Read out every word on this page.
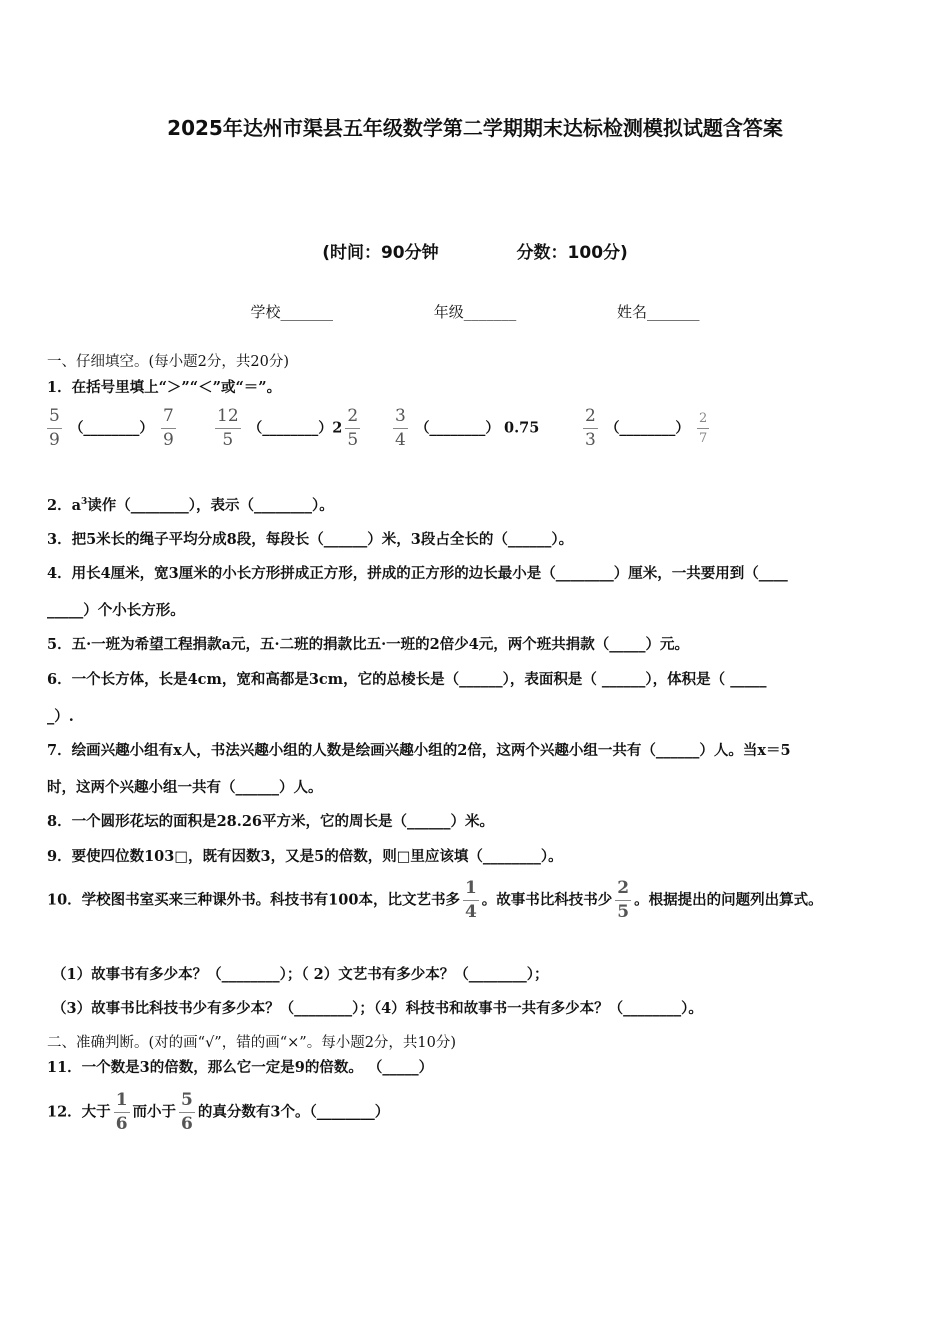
2025年达州市渠县五年级数学第二学期期末达标检测模拟试题含答案
(时间：90分钟	分数：100分)
学校_______	年级_______	姓名_______
一、仔细填空。(每小题2分，共20分)
1．在括号里填上“＞”“＜”或“＝”。
$\frac{5}{9}$ （________） $\frac{7}{9} \frac{12}{5}$ （________）2 $\frac{2}{5} \frac{3}{4}$ （________） 0.75	$\frac{2}{3}$ （________） $\frac{2}{7}$
2．$a^3$读作（________），表示（________）。
3．把5米长的绳子平均分成8段，每段长（______）米，3段占全长的（______）。
4．用长4厘米，宽3厘米的小长方形拼成正方形，拼成的正方形的边长最小是（________）厘米，一共要用到（____
_____）个小长方形。
5．五·一班为希望工程捐款a元，五·二班的捐款比五·一班的2倍少4元，两个班共捐款（_____）元。
6．一个长方体，长是4cm，宽和高都是3cm，它的总棱长是（______），表面积是（ ______），体积是（ _____
_）.
7．绘画兴趣小组有x人，书法兴趣小组的人数是绘画兴趣小组的2倍，这两个兴趣小组一共有（______）人。当x＝5
时，这两个兴趣小组一共有（______）人。
8．一个圆形花坛的面积是28.26平方米，它的周长是（______）米。
9．要使四位数103□，既有因数3，又是5的倍数，则□里应该填（________）。
10．学校图书室买来三种课外书。科技书有100本，比文艺书多 $\frac{1}{4}$ 。故事书比科技书少 $\frac{2}{5}$ 。根据提出的问题列出算式。
（1）故事书有多少本？（________）；（ 2）文艺书有多少本？（________）；
（3）故事书比科技书少有多少本？（________）；（4）科技书和故事书一共有多少本？（________）。
二、准确判断。(对的画“√”，错的画“×”。每小题2分，共10分)
11．一个数是3的倍数，那么它一定是9的倍数。 （_____）
12．大于 $\frac{1}{6}$ 而小于 $\frac{5}{6}$ 的真分数有3个。（________）
